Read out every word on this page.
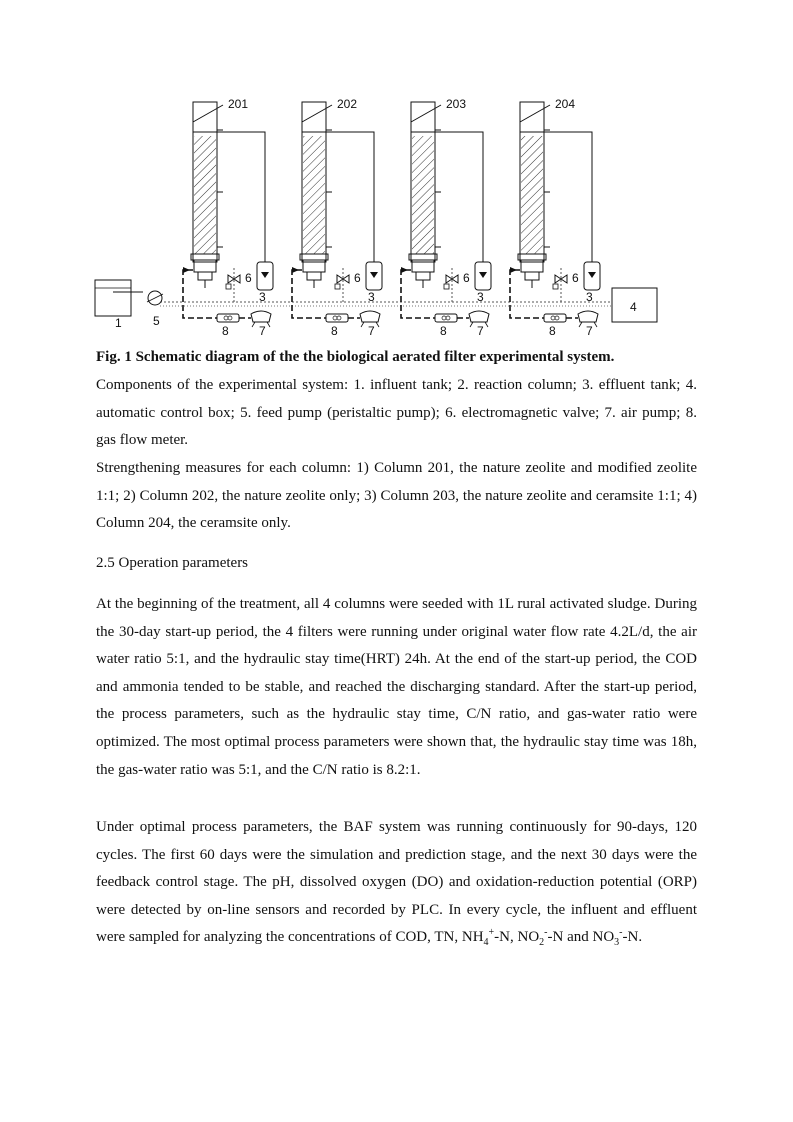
1	5
4
201
3
6
8	7
202
3
6
8	7
203
3
6
8	7
204
3
6
8	7
Fig. 1 Schematic diagram of the the biological aerated filter experimental system.
Components of the experimental system: 1. influent tank; 2. reaction column; 3. effluent tank; 4. automatic control box; 5. feed pump (peristaltic pump); 6. electromagnetic valve; 7. air pump; 8. gas flow meter.
Strengthening measures for each column: 1) Column 201, the nature zeolite and modified zeolite 1:1; 2) Column 202, the nature zeolite only; 3) Column 203, the nature zeolite and ceramsite 1:1; 4) Column 204, the ceramsite only.
2.5 Operation parameters
At the beginning of the treatment, all 4 columns were seeded with 1L rural activated sludge. During the 30-day start-up period, the 4 filters were running under original water flow rate 4.2L/d, the air water ratio 5:1, and the hydraulic stay time(HRT) 24h. At the end of the start-up period, the COD and ammonia tended to be stable, and reached the discharging standard. After the start-up period, the process parameters, such as the hydraulic stay time, C/N ratio, and gas-water ratio were optimized. The most optimal process parameters were shown that, the hydraulic stay time was 18h, the gas-water ratio was 5:1, and the C/N ratio is 8.2:1.
Under optimal process parameters, the BAF system was running continuously for 90-days, 120 cycles. The first 60 days were the simulation and prediction stage, and the next 30 days were the feedback control stage. The pH, dissolved oxygen (DO) and oxidation-reduction potential (ORP) were detected by on-line sensors and recorded by PLC. In every cycle, the influent and effluent were sampled for analyzing the concentrations of COD, TN, $NH_4^+-N$, $NO_2^--N$ and $NO_3^--N$.
